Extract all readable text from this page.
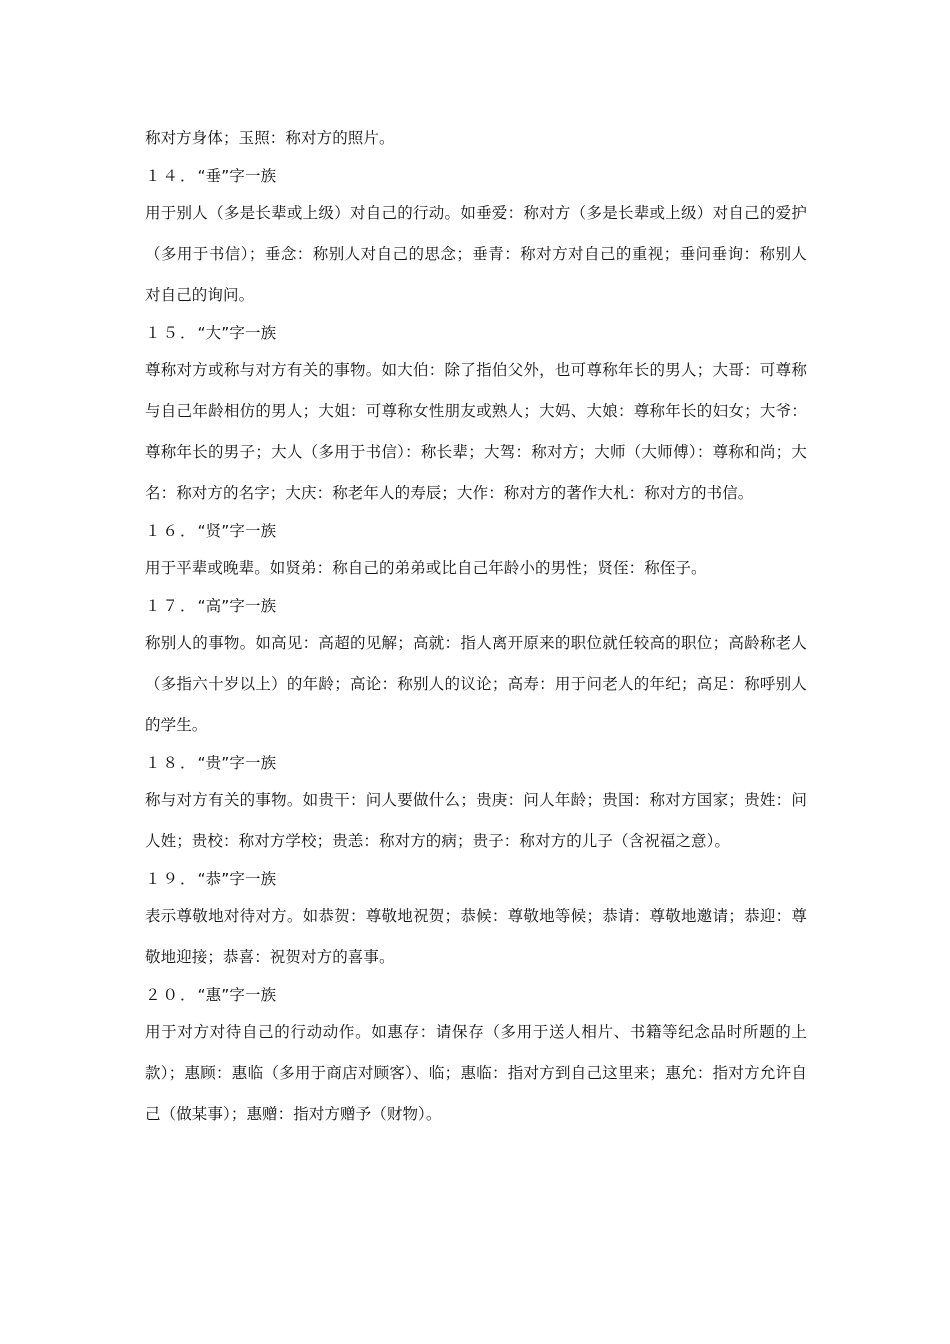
称对方身体；玉照：称对方的照片。

１４．“垂”字一族

用于别人（多是长辈或上级）对自己的行动。如垂爱：称对方（多是长辈或上级）对自己的爱护（多用于书信）；垂念：称别人对自己的思念；垂青：称对方对自己的重视；垂问垂询：称别人对自己的询问。

１５．“大”字一族

尊称对方或称与对方有关的事物。如大伯：除了指伯父外，也可尊称年长的男人；大哥：可尊称与自己年龄相仿的男人；大姐：可尊称女性朋友或熟人；大妈、大娘：尊称年长的妇女；大爷：尊称年长的男子；大人（多用于书信）：称长辈；大驾：称对方；大师（大师傅）：尊称和尚；大名：称对方的名字；大庆：称老年人的寿辰；大作：称对方的著作大札：称对方的书信。

１６．“贤”字一族

用于平辈或晚辈。如贤弟：称自己的弟弟或比自己年龄小的男性；贤侄：称侄子。

１７．“高”字一族

称别人的事物。如高见：高超的见解；高就：指人离开原来的职位就任较高的职位；高龄称老人（多指六十岁以上）的年龄；高论：称别人的议论；高寿：用于问老人的年纪；高足：称呼别人的学生。

１８．“贵”字一族

称与对方有关的事物。如贵干：问人要做什么；贵庚：问人年龄；贵国：称对方国家；贵姓：问人姓；贵校：称对方学校；贵恙：称对方的病；贵子：称对方的儿子（含祝福之意）。

１９．“恭”字一族

表示尊敬地对待对方。如恭贺：尊敬地祝贺；恭候：尊敬地等候；恭请：尊敬地邀请；恭迎：尊敬地迎接；恭喜：祝贺对方的喜事。

２０．“惠”字一族

用于对方对待自己的行动动作。如惠存：请保存（多用于送人相片、书籍等纪念品时所题的上款）；惠顾：惠临（多用于商店对顾客）、临；惠临：指对方到自己这里来；惠允：指对方允许自己（做某事）；惠赠：指对方赠予（财物）。
